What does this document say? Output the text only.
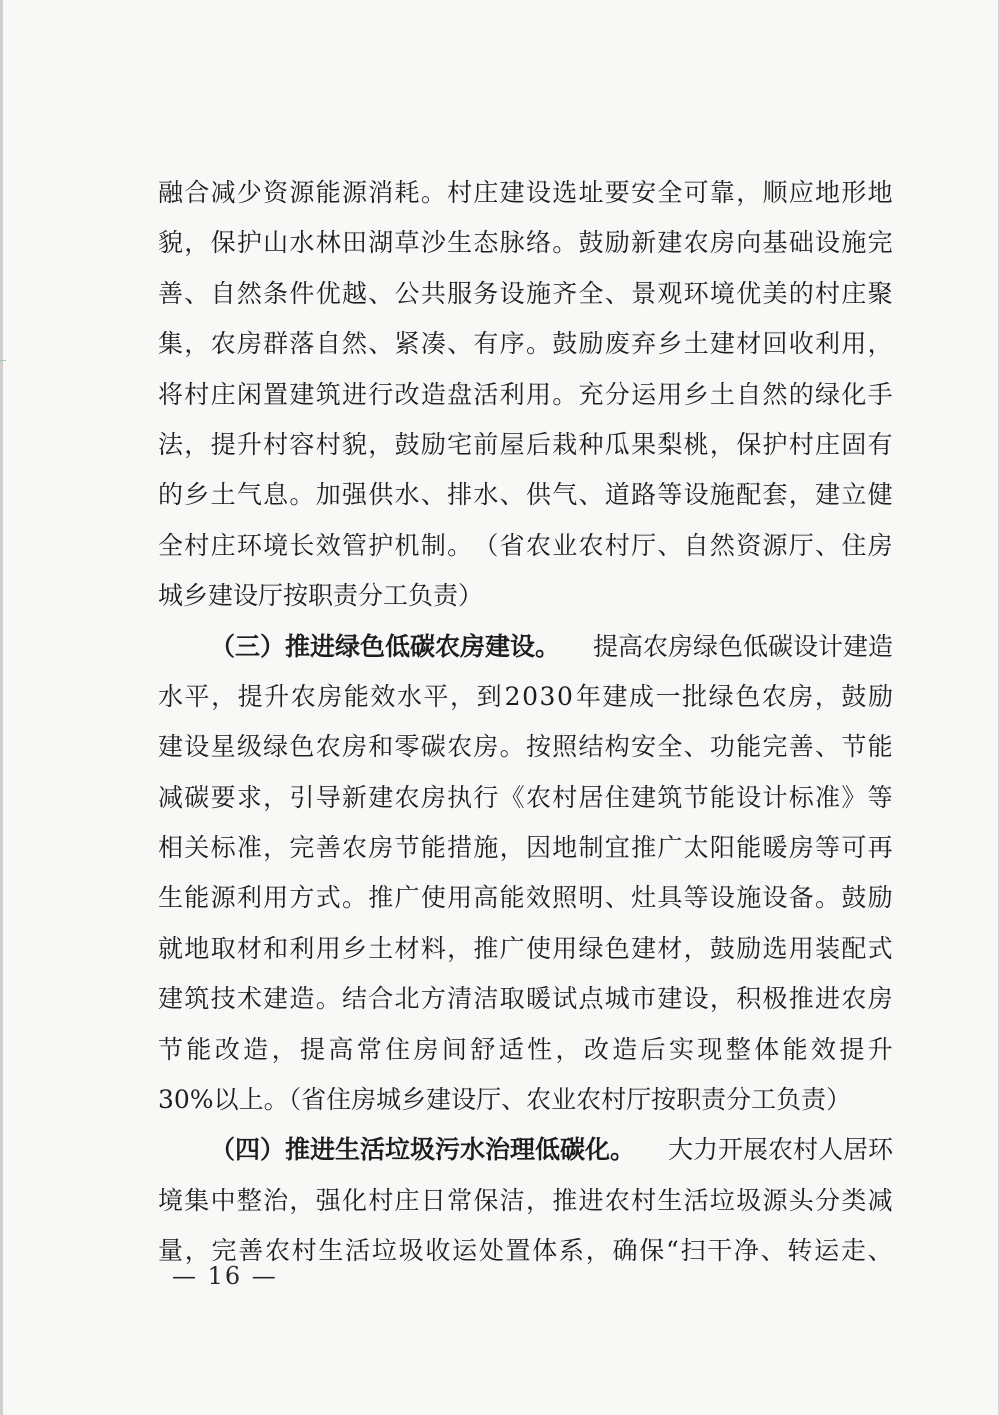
融 合 减 少 资 源 能 源 消 耗 。 村 庄 建 设 选 址 要 安 全 可 靠 ， 顺 应 地 形 地
貌 ， 保 护 山 水 林 田 湖 草 沙 生 态 脉 络 。 鼓 励 新 建 农 房 向 基 础 设 施 完
善 、 自 然 条 件 优 越 、 公 共 服 务 设 施 齐 全 、 景 观 环 境 优 美 的 村 庄 聚
集 ， 农 房 群 落 自 然 、 紧 凑 、 有 序 。 鼓 励 废 弃 乡 土 建 材 回 收 利 用 ，
将 村 庄 闲 置 建 筑 进 行 改 造 盘 活 利 用 。 充 分 运 用 乡 土 自 然 的 绿 化 手
法 ， 提 升 村 容 村 貌 ， 鼓 励 宅 前 屋 后 栽 种 瓜 果 梨 桃 ， 保 护 村 庄 固 有
的 乡 土 气 息 。 加 强 供 水 、 排 水 、 供 气 、 道 路 等 设 施 配 套 ， 建 立 健
全 村 庄 环 境 长 效 管 护 机 制 。 （ 省 农 业 农 村 厅 、 自 然 资 源 厅 、 住 房
城乡建设厅按职责分工负责）
（三）推进绿色低碳农房建设。 提高农房绿色低碳设计建造
水 平 ， 提 升 农 房 能 效 水 平 ， 到 2 0 3 0 年 建 成 一 批 绿 色 农 房 ， 鼓 励
建 设 星 级 绿 色 农 房 和 零 碳 农 房 。 按 照 结 构 安 全 、 功 能 完 善 、 节 能
减 碳 要 求 ， 引 导 新 建 农 房 执 行 《 农 村 居 住 建 筑 节 能 设 计 标 准 》 等
相 关 标 准 ， 完 善 农 房 节 能 措 施 ， 因 地 制 宜 推 广 太 阳 能 暖 房 等 可 再
生 能 源 利 用 方 式 。 推 广 使 用 高 能 效 照 明 、 灶 具 等 设 施 设 备 。 鼓 励
就 地 取 材 和 利 用 乡 土 材 料 ， 推 广 使 用 绿 色 建 材 ， 鼓 励 选 用 装 配 式
建 筑 技 术 建 造 。 结 合 北 方 清 洁 取 暖 试 点 城 市 建 设 ， 积 极 推 进 农 房
节 能 改 造 ， 提 高 常 住 房 间 舒 适 性 ， 改 造 后 实 现 整 体 能 效 提 升
30%以上。（省住房城乡建设厅、农业农村厅按职责分工负责）
（四）推进生活垃圾污水治理低碳化。 大力开展农村人居环
境 集 中 整 治 ， 强 化 村 庄 日 常 保 洁 ， 推 进 农 村 生 活 垃 圾 源 头 分 类 减
量 ， 完 善 农 村 生 活 垃 圾 收 运 处 置 体 系 ， 确 保 “ 扫 干 净 、 转 运 走 、
— 16 —
